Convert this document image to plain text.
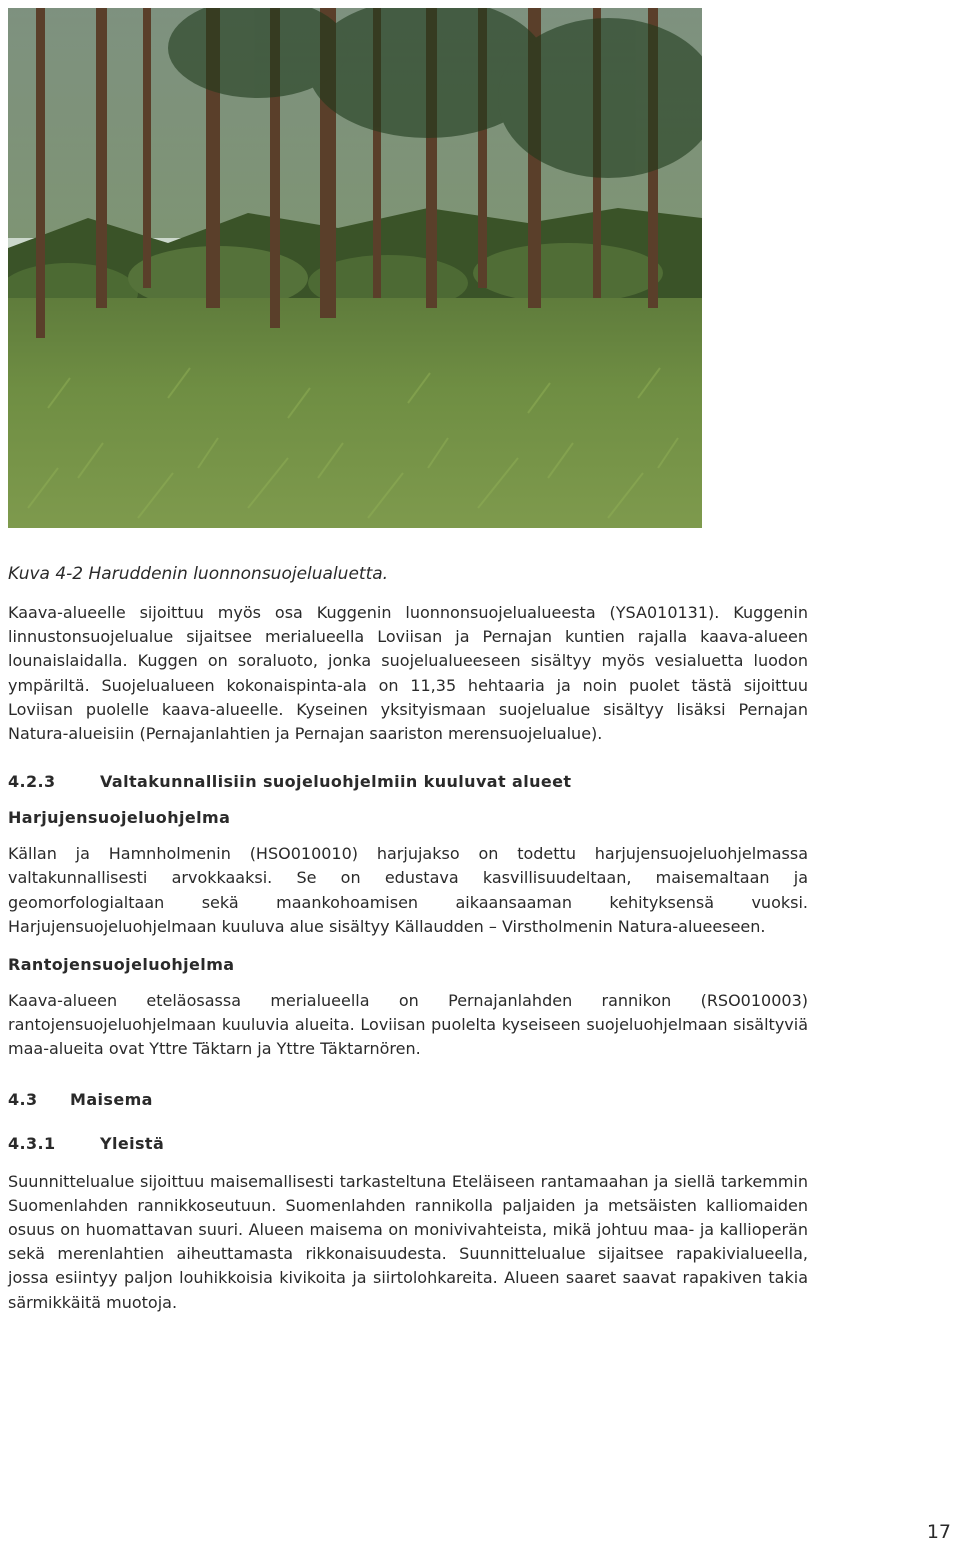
Kuva 4-2 Haruddenin luonnonsuojelualuetta.

Kaava-alueelle sijoittuu myös osa Kuggenin luonnonsuojelualueesta (YSA010131). Kuggenin linnustonsuojelualue sijaitsee merialueella Loviisan ja Pernajan kuntien rajalla kaava-alueen lounaislaidalla. Kuggen on soraluoto, jonka suojelualueeseen sisältyy myös vesialuetta luodon ympäriltä. Suojelualueen kokonaispinta-ala on 11,35 hehtaaria ja noin puolet tästä sijoittuu Loviisan puolelle kaava-alueelle. Kyseinen yksityismaan suojelualue sisältyy lisäksi Pernajan Natura-alueisiin (Pernajanlahtien ja Pernajan saariston merensuojelualue).

4.2.3	Valtakunnallisiin suojeluohjelmiin kuuluvat alueet
Harjujensuojeluohjelma

Källan ja Hamnholmenin (HSO010010) harjujakso on todettu harjujensuojeluohjelmassa valtakunnallisesti arvokkaaksi. Se on edustava kasvillisuudeltaan, maisemaltaan ja geomorfologialtaan sekä maankohoamisen aikaansaaman kehityksensä vuoksi. Harjujensuojeluohjelmaan kuuluva alue sisältyy Källaudden – Virstholmenin Natura-alueeseen.

Rantojensuojeluohjelma

Kaava-alueen eteläosassa merialueella on Pernajanlahden rannikon (RSO010003) rantojensuojeluohjelmaan kuuluvia alueita. Loviisan puolelta kyseiseen suojeluohjelmaan sisältyviä maa-alueita ovat Yttre Täktarn ja Yttre Täktarnören.

4.3 Maisema
4.3.1	Yleistä

Suunnittelualue sijoittuu maisemallisesti tarkasteltuna Eteläiseen rantamaahan ja siellä tarkemmin Suomenlahden rannikkoseutuun. Suomenlahden rannikolla paljaiden ja metsäisten kalliomaiden osuus on huomattavan suuri. Alueen maisema on monivivahteista, mikä johtuu maa- ja kallioperän sekä merenlahtien aiheuttamasta rikkonaisuudesta. Suunnittelualue sijaitsee rapakivialueella, jossa esiintyy paljon louhikkoisia kivikoita ja siirtolohkareita. Alueen saaret saavat rapakiven takia särmikkäitä muotoja.

17
